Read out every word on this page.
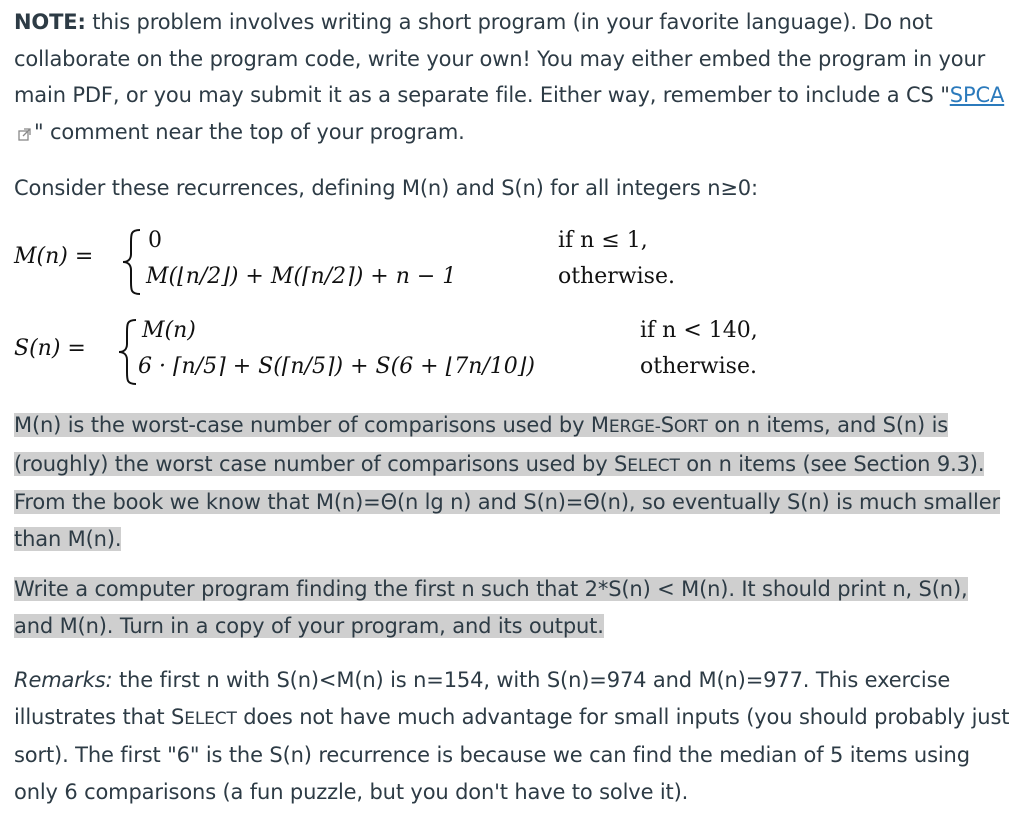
NOTE: this problem involves writing a short program (in your favorite language). Do not collaborate on the program code, write your own! You may either embed the program in your main PDF, or you may submit it as a separate file. Either way, remember to include a CS "SPCA" comment near the top of your program.

Consider these recurrences, defining M(n) and S(n) for all integers n≥0:

M(n) =
0
M(⌊n/2⌋) + M(⌈n/2⌉) + n − 1
if n ≤ 1,
otherwise.
S(n) =
M(n)
6 · ⌈n/5⌉ + S(⌈n/5⌉) + S(6 + ⌊7n/10⌋)
if n < 140,
otherwise.

M(n) is the worst-case number of comparisons used by MERGE-SORT on n items, and S(n) is
(roughly) the worst case number of comparisons used by SELECT on n items (see Section 9.3).
From the book we know that M(n)=Θ(n lg n) and S(n)=Θ(n), so eventually S(n) is much smaller
than M(n).

Write a computer program finding the first n such that 2*S(n) < M(n). It should print n, S(n),
and M(n). Turn in a copy of your program, and its output.

Remarks: the first n with S(n)<M(n) is n=154, with S(n)=974 and M(n)=977. This exercise illustrates that SELECT does not have much advantage for small inputs (you should probably just sort). The first "6" is the S(n) recurrence is because we can find the median of 5 items using only 6 comparisons (a fun puzzle, but you don't have to solve it).
